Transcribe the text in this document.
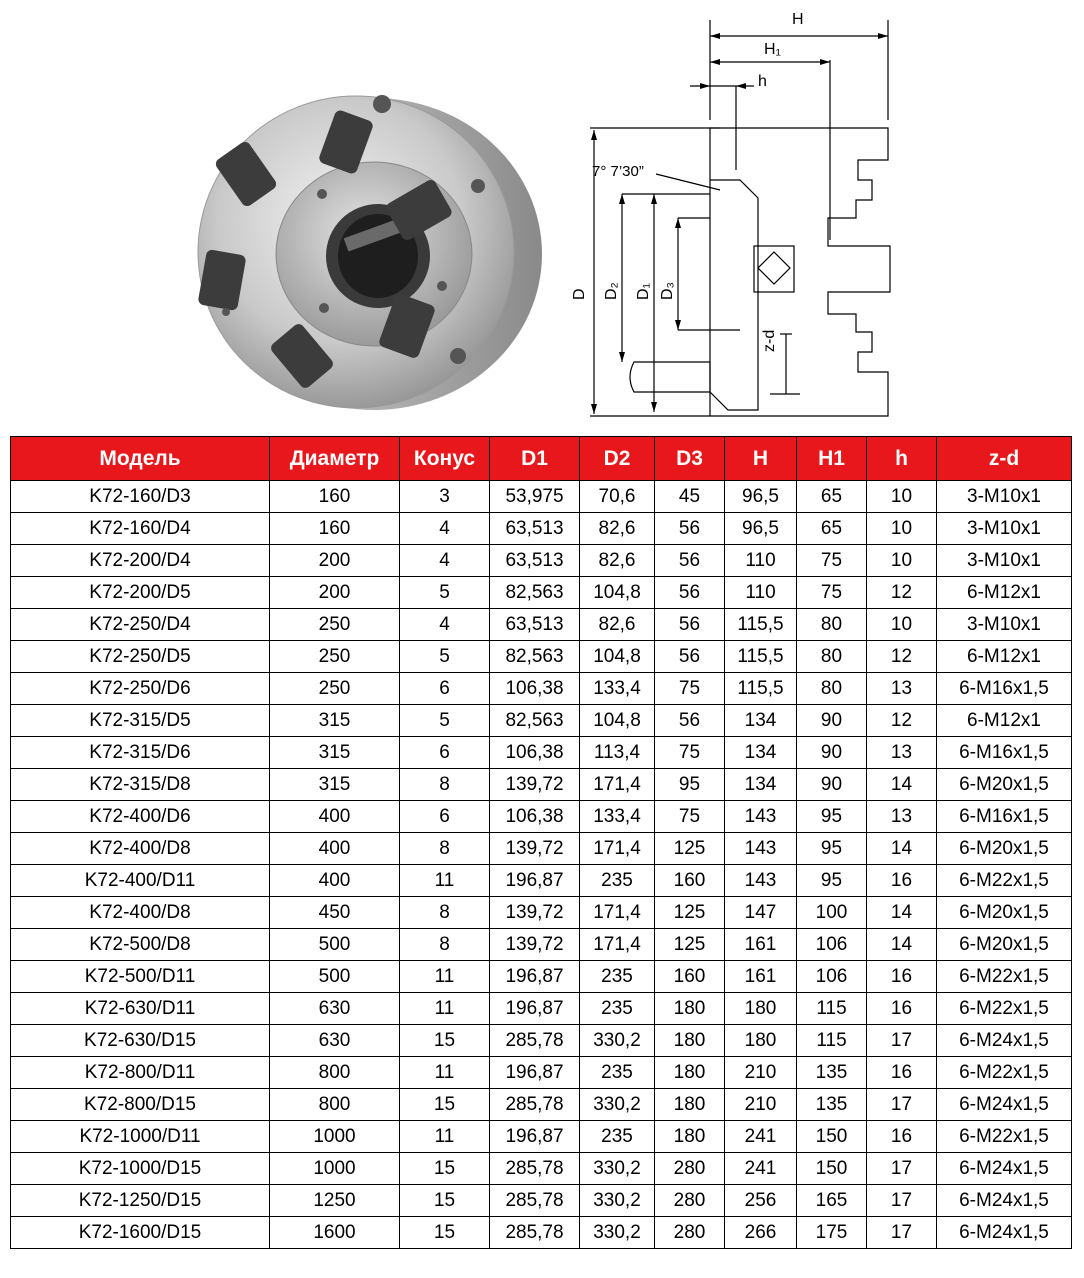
H
H₁
h
7° 7’30”
D D₂ D₁ D₃
z-d
Модель	Диаметр	Конус	D1	D2	D3	H	H1	h	z-d
K72-160/D3	160	3	53,975	70,6	45	96,5	65	10	3-M10x1
K72-160/D4	160	4	63,513	82,6	56	96,5	65	10	3-M10x1
K72-200/D4	200	4	63,513	82,6	56	110	75	10	3-M10x1
K72-200/D5	200	5	82,563	104,8	56	110	75	12	6-M12x1
K72-250/D4	250	4	63,513	82,6	56	115,5	80	10	3-M10x1
K72-250/D5	250	5	82,563	104,8	56	115,5	80	12	6-M12x1
K72-250/D6	250	6	106,38	133,4	75	115,5	80	13	6-M16x1,5
K72-315/D5	315	5	82,563	104,8	56	134	90	12	6-M12x1
K72-315/D6	315	6	106,38	113,4	75	134	90	13	6-M16x1,5
K72-315/D8	315	8	139,72	171,4	95	134	90	14	6-M20x1,5
K72-400/D6	400	6	106,38	133,4	75	143	95	13	6-M16x1,5
K72-400/D8	400	8	139,72	171,4	125	143	95	14	6-M20x1,5
K72-400/D11	400	11	196,87	235	160	143	95	16	6-M22x1,5
K72-400/D8	450	8	139,72	171,4	125	147	100	14	6-M20x1,5
K72-500/D8	500	8	139,72	171,4	125	161	106	14	6-M20x1,5
K72-500/D11	500	11	196,87	235	160	161	106	16	6-M22x1,5
K72-630/D11	630	11	196,87	235	180	180	115	16	6-M22x1,5
K72-630/D15	630	15	285,78	330,2	180	180	115	17	6-M24x1,5
K72-800/D11	800	11	196,87	235	180	210	135	16	6-M22x1,5
K72-800/D15	800	15	285,78	330,2	180	210	135	17	6-M24x1,5
K72-1000/D11	1000	11	196,87	235	180	241	150	16	6-M22x1,5
K72-1000/D15	1000	15	285,78	330,2	280	241	150	17	6-M24x1,5
K72-1250/D15	1250	15	285,78	330,2	280	256	165	17	6-M24x1,5
K72-1600/D15	1600	15	285,78	330,2	280	266	175	17	6-M24x1,5
